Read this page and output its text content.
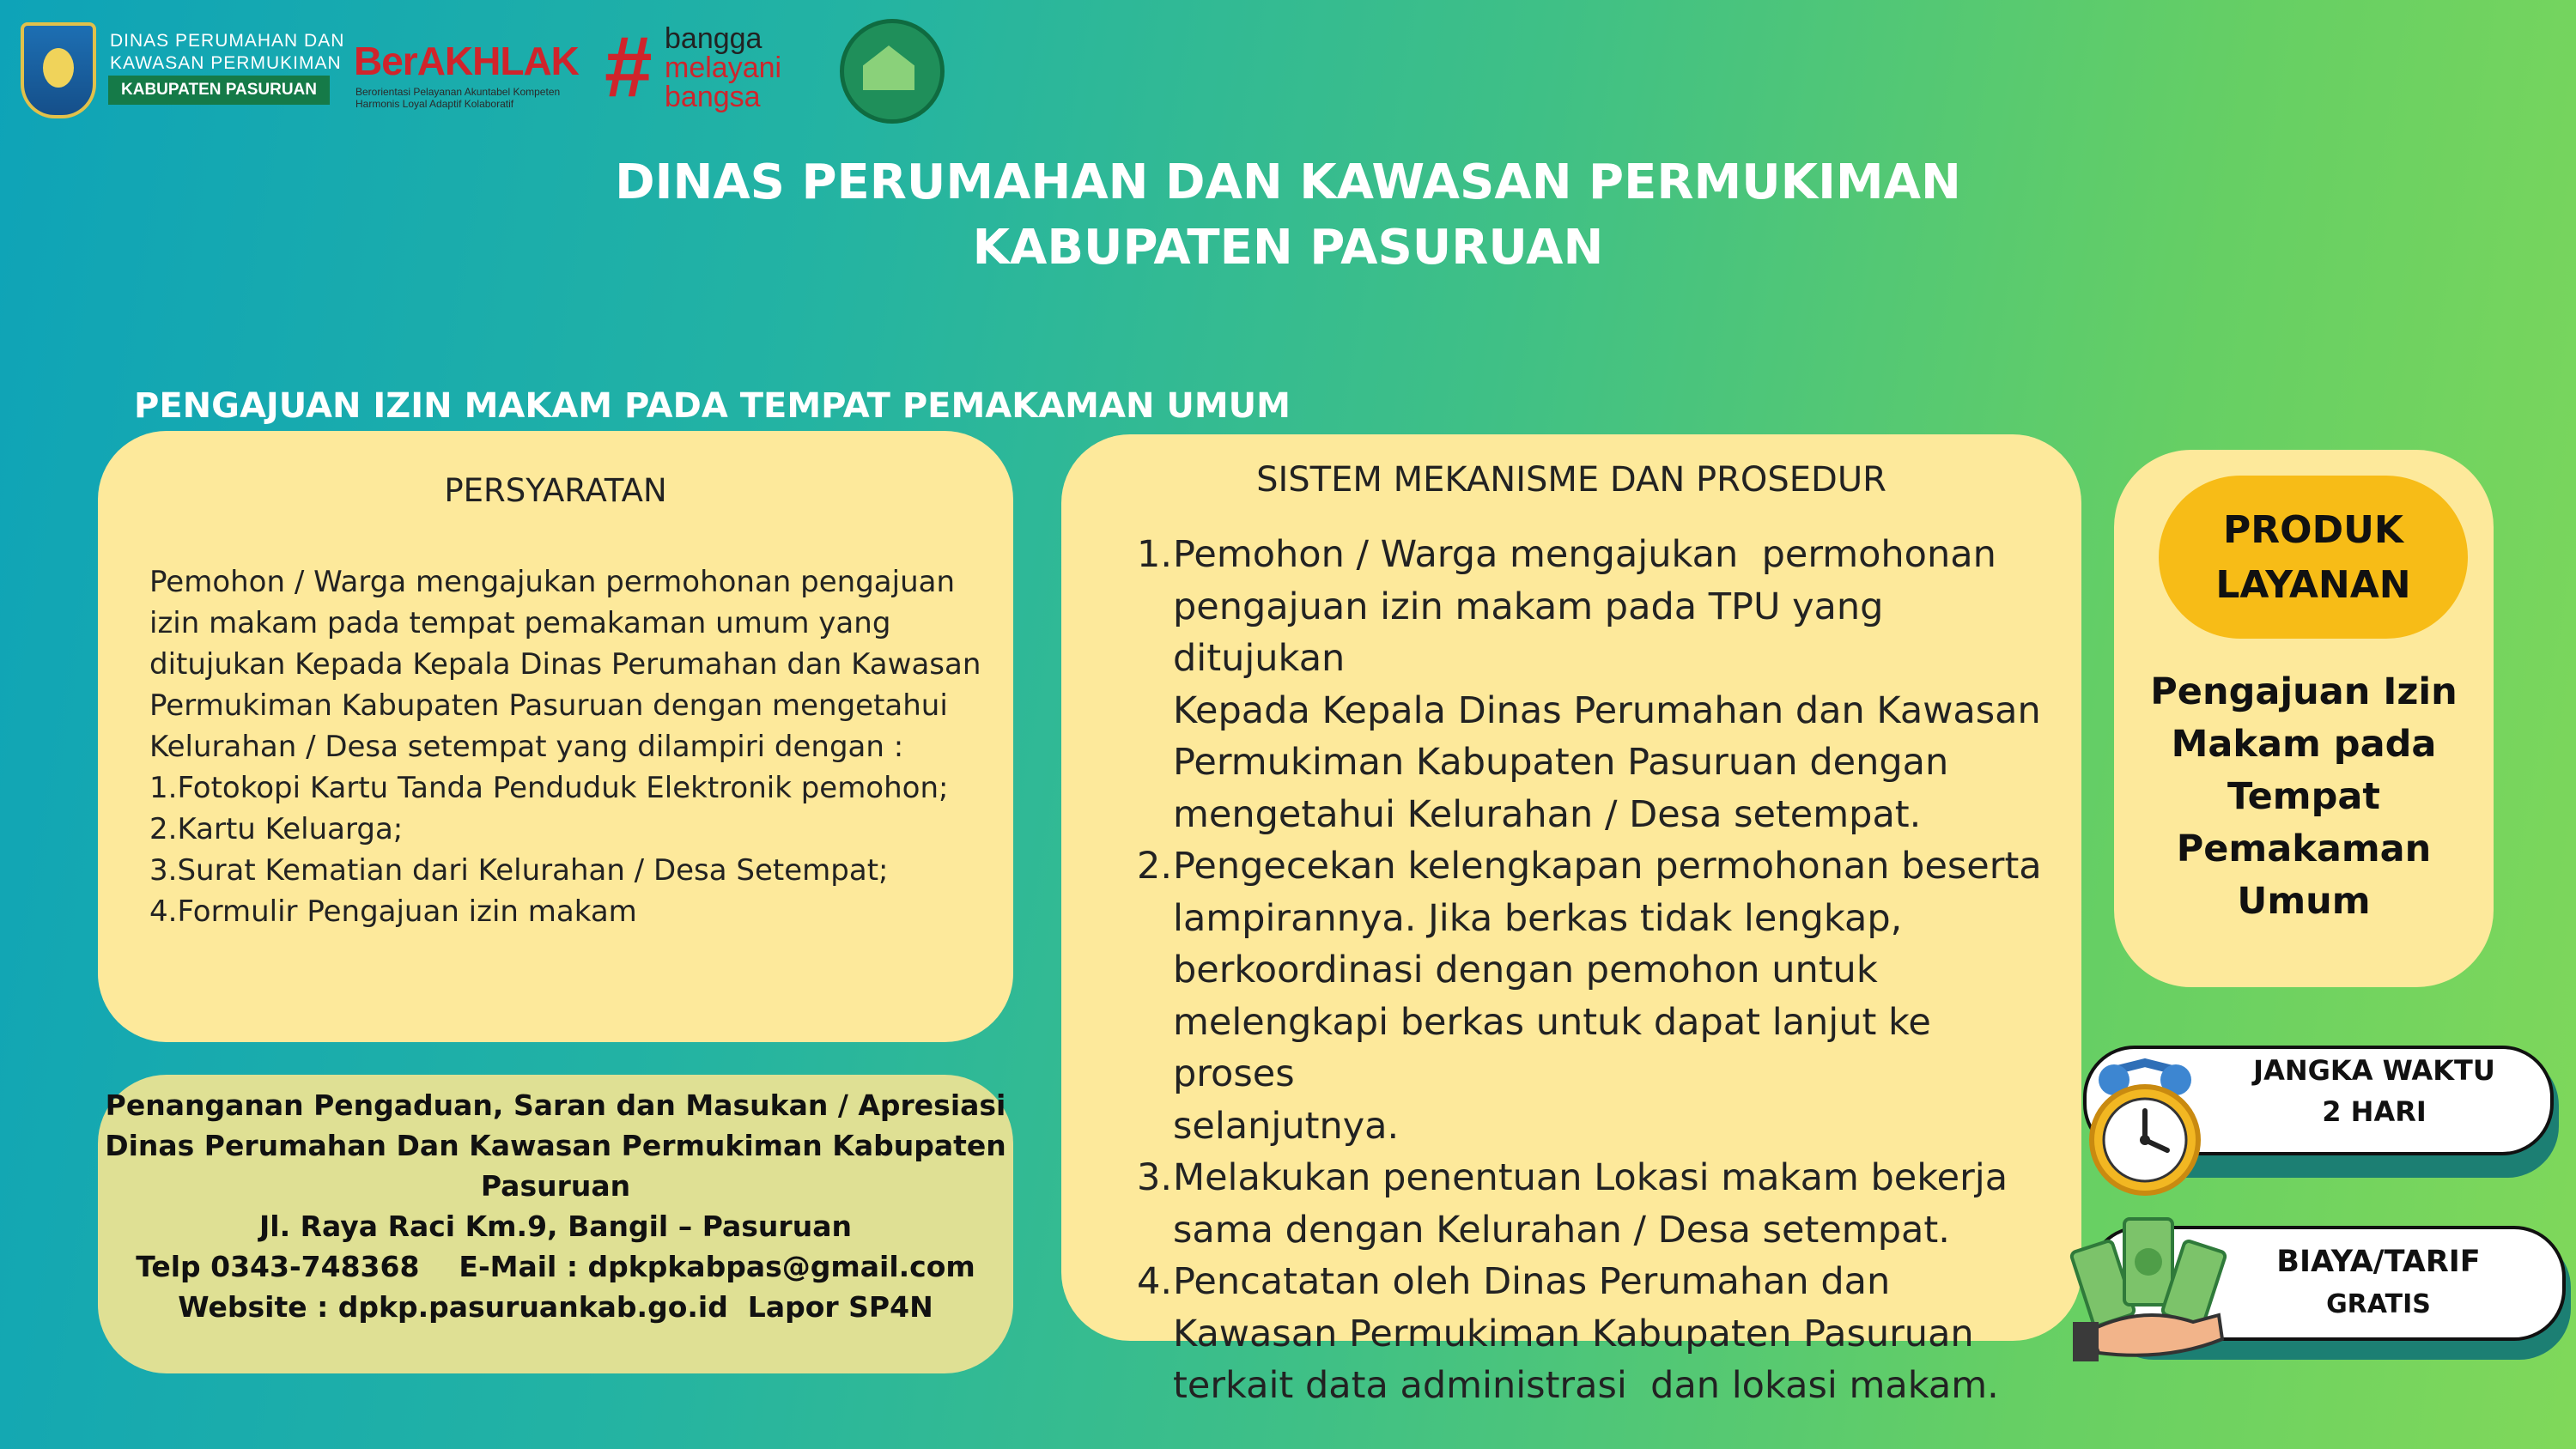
DINAS PERUMAHAN DAN
KAWASAN PERMUKIMAN
KABUPATEN PASURUAN
BerAKHLAK
Berorientasi Pelayanan Akuntabel Kompeten Harmonis Loyal Adaptif Kolaboratif	# bangga
melayani
bangsa
DINAS PERUMAHAN DAN KAWASAN PERMUKIMAN
KABUPATEN PASURUAN
PENGAJUAN IZIN MAKAM PADA TEMPAT PEMAKAMAN UMUM
PERSYARATAN
Pemohon / Warga mengajukan permohonan pengajuan
izin makam pada tempat pemakaman umum yang
ditujukan Kepada Kepala Dinas Perumahan dan Kawasan
Permukiman Kabupaten Pasuruan dengan mengetahui
Kelurahan / Desa setempat yang dilampiri dengan :
1.Fotokopi Kartu Tanda Penduduk Elektronik pemohon;
2.Kartu Keluarga;
3.Surat Kematian dari Kelurahan / Desa Setempat;
4.Formulir Pengajuan izin makam
Penanganan Pengaduan, Saran dan Masukan / Apresiasi
Dinas Perumahan Dan Kawasan Permukiman Kabupaten
Pasuruan
Jl. Raya Raci Km.9, Bangil – Pasuruan
Telp 0343-748368    E-Mail : dpkpkabpas@gmail.com
Website : dpkp.pasuruankab.go.id  Lapor SP4N
SISTEM MEKANISME DAN PROSEDUR
1. Pemohon / Warga mengajukan  permohonan
pengajuan izin makam pada TPU yang ditujukan
Kepada Kepala Dinas Perumahan dan Kawasan
Permukiman Kabupaten Pasuruan dengan
mengetahui Kelurahan / Desa setempat.
2. Pengecekan kelengkapan permohonan beserta
lampirannya. Jika berkas tidak lengkap,
berkoordinasi dengan pemohon untuk
melengkapi berkas untuk dapat lanjut ke proses
selanjutnya.
3. Melakukan penentuan Lokasi makam bekerja
sama dengan Kelurahan / Desa setempat.
4. Pencatatan oleh Dinas Perumahan dan
Kawasan Permukiman Kabupaten Pasuruan
terkait data administrasi  dan lokasi makam.
PRODUK
LAYANAN
Pengajuan Izin
Makam pada
Tempat
Pemakaman
Umum
JANGKA WAKTU
2 HARI
BIAYA/TARIF
GRATIS
